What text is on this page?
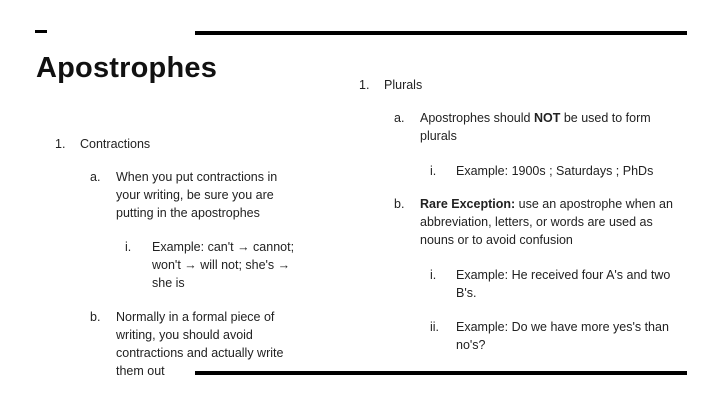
Apostrophes
1. Contractions
a. When you put contractions in your writing, be sure you are putting in the apostrophes
i. Example: can't → cannot; won't → will not; she's → she is
b. Normally in a formal piece of writing, you should avoid contractions and actually write them out
1. Plurals
a. Apostrophes should NOT be used to form plurals
i. Example: 1900s ; Saturdays ; PhDs
b. Rare Exception: use an apostrophe when an abbreviation, letters, or words are used as nouns or to avoid confusion
i. Example: He received four A's and two B's.
ii. Example: Do we have more yes's than no's?
